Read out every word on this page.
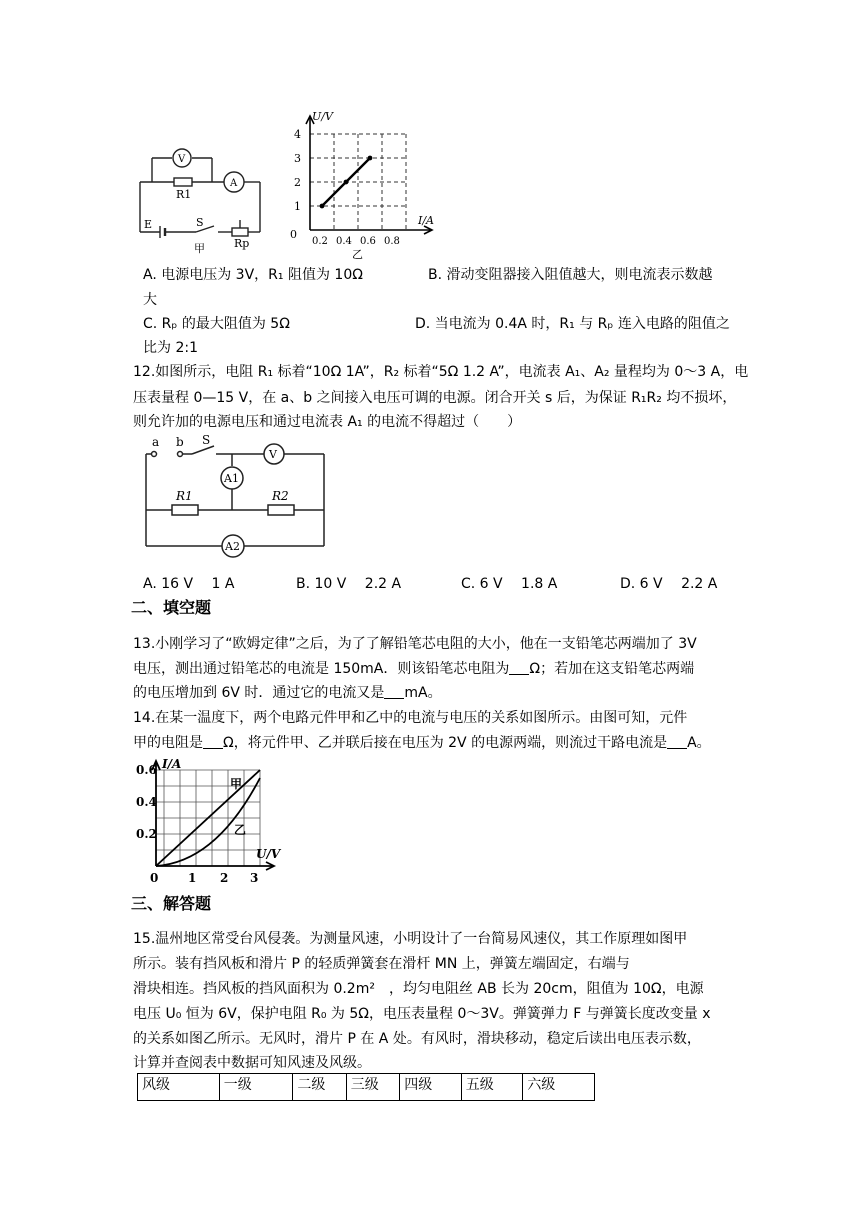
V
A
R1
E	S
Rp
甲
U/V
I/A
4
3
2
1
0
0.2 0.4 0.6 0.8
乙
A. 电源电压为 3V，R₁ 阻值为 10Ω	B. 滑动变阻器接入阻值越大，则电流表示数越
大
C. Rₚ 的最大阻值为 5Ω	D. 当电流为 0.4A 时，R₁ 与 Rₚ 连入电路的阻值之
比为 2:1
12.如图所示，电阻 R₁ 标着“10Ω 1A”，R₂ 标着“5Ω 1.2 A”，电流表 A₁、A₂ 量程均为 0～3 A，电
压表量程 0—15 V，在 a、b 之间接入电压可调的电源。闭合开关 s 后，为保证 R₁R₂ 均不损坏，
则允许加的电源电压和通过电流表 A₁ 的电流不得超过（　　）
a b S
V
A1
R1	R2
A2
A. 16 V　 1 A	B. 10 V　 2.2 A	C. 6 V　 1.8 A	D. 6 V　 2.2 A
二、填空题
13.小刚学习了“欧姆定律”之后，为了了解铅笔芯电阻的大小，他在一支铅笔芯两端加了 3V
电压，测出通过铅笔芯的电流是 150mA．则该铅笔芯电阻为 Ω；若加在这支铅笔芯两端
的电压增加到 6V 时．通过它的电流又是 mA。
14.在某一温度下，两个电路元件甲和乙中的电流与电压的关系如图所示。由图可知，元件
甲的电阻是 Ω，将元件甲、乙并联后接在电压为 2V 的电源两端，则流过干路电流是 A。
I/A
U/V
0.6
0.4
0.2
0 1 2 3
甲
乙
三、解答题
15.温州地区常受台风侵袭。为测量风速，小明设计了一台简易风速仪，其工作原理如图甲
所示。装有挡风板和滑片 P 的轻质弹簧套在滑杆 MN 上，弹簧左端固定，右端与
滑块相连。挡风板的挡风面积为 0.2m²　，均匀电阻丝 AB 长为 20cm，阻值为 10Ω，电源
电压 U₀ 恒为 6V，保护电阻 R₀ 为 5Ω，电压表量程 0～3V。弹簧弹力 F 与弹簧长度改变量 x
的关系如图乙所示。无风时，滑片 P 在 A 处。有风时，滑块移动，稳定后读出电压表示数，
计算并查阅表中数据可知风速及风级。
风级	一级	二级	三级	四级	五级	六级
